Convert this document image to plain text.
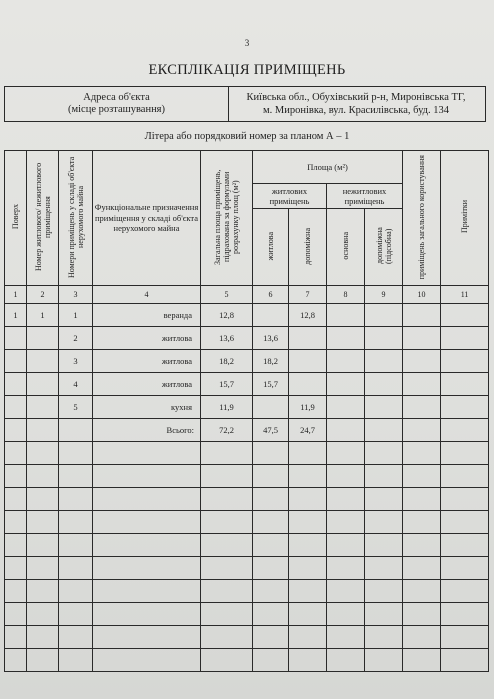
3
ЕКСПЛІКАЦІЯ ПРИМІЩЕНЬ
Адреса об'єкта
(місце розташування)
Київська обл., Обухівський р-н, Миронівська ТГ,
м. Миронівка, вул. Красилівська, буд. 134
Літера або порядковий номер за планом А – 1
Поверх	Номер житлового/ нежитлового приміщення	Номери приміщень у складі об'єкта нерухомого майна	Функціональне призначення приміщення у складі об'єкта нерухомого майна	Загальна площа приміщень, підрахована за формулами розрахунку площ (м²)	Площа (м²)				приміщень загального користування	Примітки
					житлових приміщень		нежитлових приміщень			
					житлова	допоміжна	основна	допоміжна (підсобна)		
1	2	3	4	5	6	7	8	9	10	11
1	1	1	веранда	12,8		12,8				
		2	житлова	13,6	13,6					
		3	житлова	18,2	18,2					
		4	житлова	15,7	15,7					
		5	кухня	11,9		11,9				
			Всього:	72,2	47,5	24,7				
